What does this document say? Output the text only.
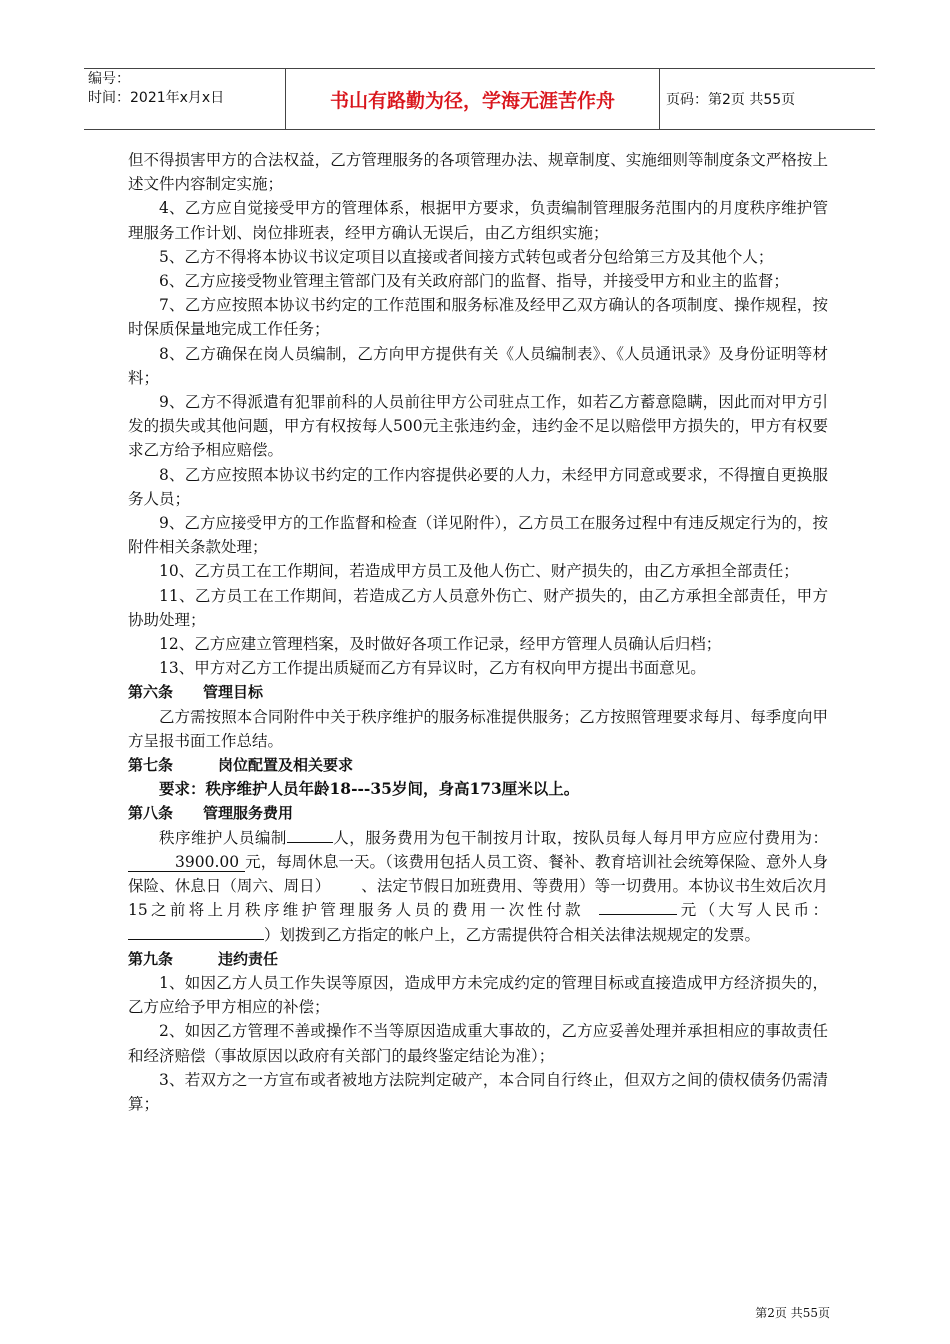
编号：
时间：2021年x月x日	书山有路勤为径，学海无涯苦作舟	页码：第2页 共55页

但不得损害甲方的合法权益，乙方管理服务的各项管理办法、规章制度、实施细则等制度条文严格按上述文件内容制定实施；

4、乙方应自觉接受甲方的管理体系，根据甲方要求，负责编制管理服务范围内的月度秩序维护管理服务工作计划、岗位排班表，经甲方确认无误后，由乙方组织实施；

5、乙方不得将本协议书议定项目以直接或者间接方式转包或者分包给第三方及其他个人；

6、乙方应接受物业管理主管部门及有关政府部门的监督、指导，并接受甲方和业主的监督；

7、乙方应按照本协议书约定的工作范围和服务标准及经甲乙双方确认的各项制度、操作规程，按时保质保量地完成工作任务；

8、乙方确保在岗人员编制，乙方向甲方提供有关《人员编制表》、《人员通讯录》及身份证明等材料；

9、乙方不得派遣有犯罪前科的人员前往甲方公司驻点工作，如若乙方蓄意隐瞒，因此而对甲方引发的损失或其他问题，甲方有权按每人500元主张违约金，违约金不足以赔偿甲方损失的，甲方有权要求乙方给予相应赔偿。

8、乙方应按照本协议书约定的工作内容提供必要的人力，未经甲方同意或要求，不得擅自更换服务人员；

9、乙方应接受甲方的工作监督和检查（详见附件），乙方员工在服务过程中有违反规定行为的，按附件相关条款处理；

10、乙方员工在工作期间，若造成甲方员工及他人伤亡、财产损失的，由乙方承担全部责任；

11、乙方员工在工作期间，若造成乙方人员意外伤亡、财产损失的，由乙方承担全部责任，甲方协助处理；

12、乙方应建立管理档案，及时做好各项工作记录，经甲方管理人员确认后归档；

13、甲方对乙方工作提出质疑而乙方有异议时，乙方有权向甲方提出书面意见。

第六条 管理目标

乙方需按照本合同附件中关于秩序维护的服务标准提供服务；乙方按照管理要求每月、每季度向甲方呈报书面工作总结。

第七条	岗位配置及相关要求

要求：秩序维护人员年龄18---35岁间，身高173厘米以上。

第八条 管理服务费用

秩序维护人员编制	人，服务费用为包干制按月计取，按队员每人每月甲方应应付费用为：3900.00 元，每周休息一天。（该费用包括人员工资、餐补、教育培训社会统筹保险、意外人身保险、休息日（周六、周日） 、法定节假日加班费用、等费用）等一切费用。本协议书生效后次月15之前将上月秩序维护管理服务人员的费用一次性付款	元（大写人民币：）划拨到乙方指定的帐户上，乙方需提供符合相关法律法规规定的发票。

第九条	违约责任

1、如因乙方人员工作失误等原因，造成甲方未完成约定的管理目标或直接造成甲方经济损失的，乙方应给予甲方相应的补偿；

2、如因乙方管理不善或操作不当等原因造成重大事故的，乙方应妥善处理并承担相应的事故责任和经济赔偿（事故原因以政府有关部门的最终鉴定结论为准）；

3、若双方之一方宣布或者被地方法院判定破产，本合同自行终止，但双方之间的债权债务仍需清算；

第2页 共55页
